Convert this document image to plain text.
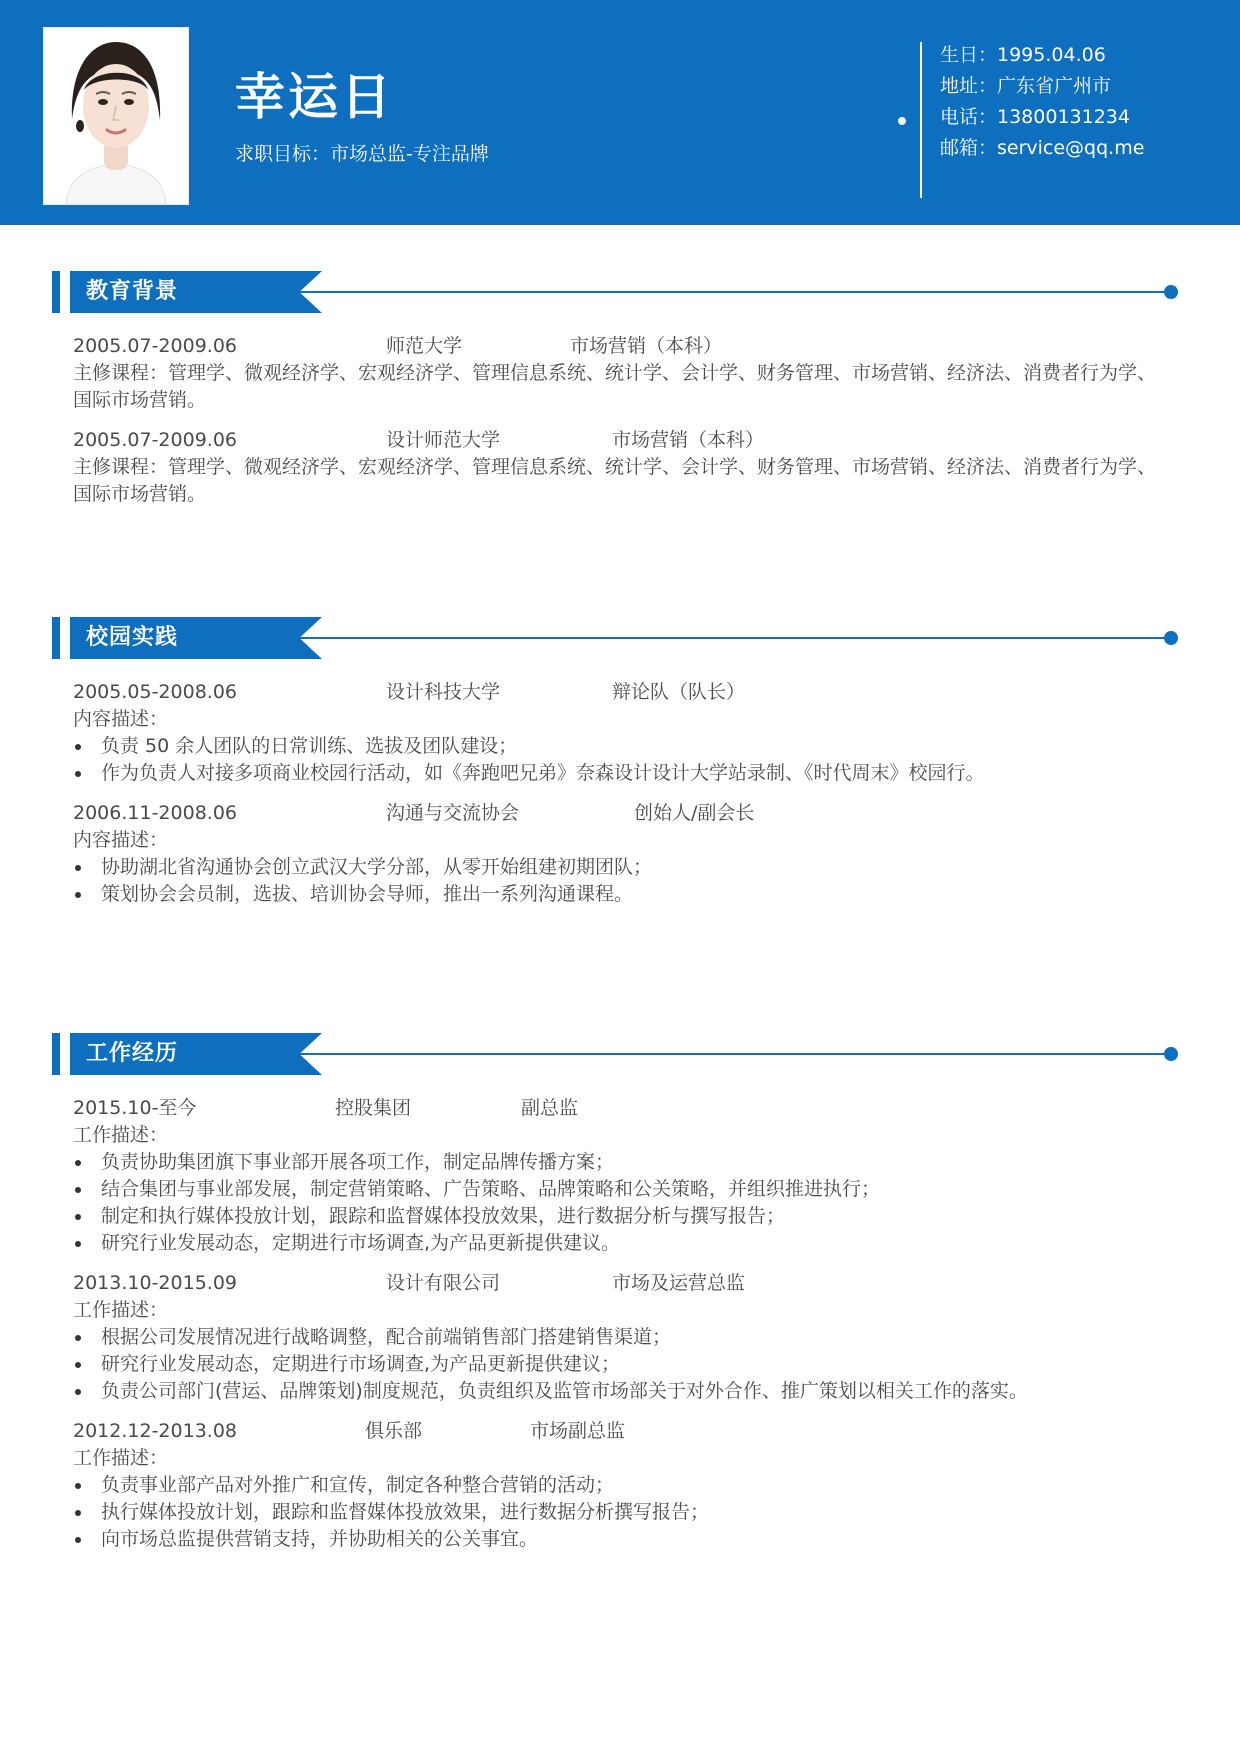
幸运日
求职目标：市场总监-专注品牌
生日：1995.04.06
地址：广东省广州市
电话：13800131234
邮箱：service@qq.me
教育背景
2005.07-2009.06	师范大学	市场营销（本科）
主修课程：管理学、微观经济学、宏观经济学、管理信息系统、统计学、会计学、财务管理、市场营销、经济法、消费者行为学、国际市场营销。
2005.07-2009.06	设计师范大学	市场营销（本科）
主修课程：管理学、微观经济学、宏观经济学、管理信息系统、统计学、会计学、财务管理、市场营销、经济法、消费者行为学、国际市场营销。
校园实践
2005.05-2008.06	设计科技大学	辩论队（队长）
内容描述：
负责 50 余人团队的日常训练、选拔及团队建设；
作为负责人对接多项商业校园行活动，如《奔跑吧兄弟》奈森设计设计大学站录制、《时代周末》校园行。
2006.11-2008.06	沟通与交流协会	创始人/副会长
内容描述：
协助湖北省沟通协会创立武汉大学分部，从零开始组建初期团队；
策划协会会员制，选拔、培训协会导师，推出一系列沟通课程。
工作经历
2015.10-至今	控股集团	副总监
工作描述：
负责协助集团旗下事业部开展各项工作，制定品牌传播方案；
结合集团与事业部发展，制定营销策略、广告策略、品牌策略和公关策略，并组织推进执行；
制定和执行媒体投放计划，跟踪和监督媒体投放效果，进行数据分析与撰写报告；
研究行业发展动态，定期进行市场调查,为产品更新提供建议。
2013.10-2015.09	设计有限公司	市场及运营总监
工作描述：
根据公司发展情况进行战略调整，配合前端销售部门搭建销售渠道；
研究行业发展动态，定期进行市场调查,为产品更新提供建议；
负责公司部门(营运、品牌策划)制度规范，负责组织及监管市场部关于对外合作、推广策划以相关工作的落实。
2012.12-2013.08	俱乐部	市场副总监
工作描述：
负责事业部产品对外推广和宣传，制定各种整合营销的活动；
执行媒体投放计划，跟踪和监督媒体投放效果，进行数据分析撰写报告；
向市场总监提供营销支持，并协助相关的公关事宜。
